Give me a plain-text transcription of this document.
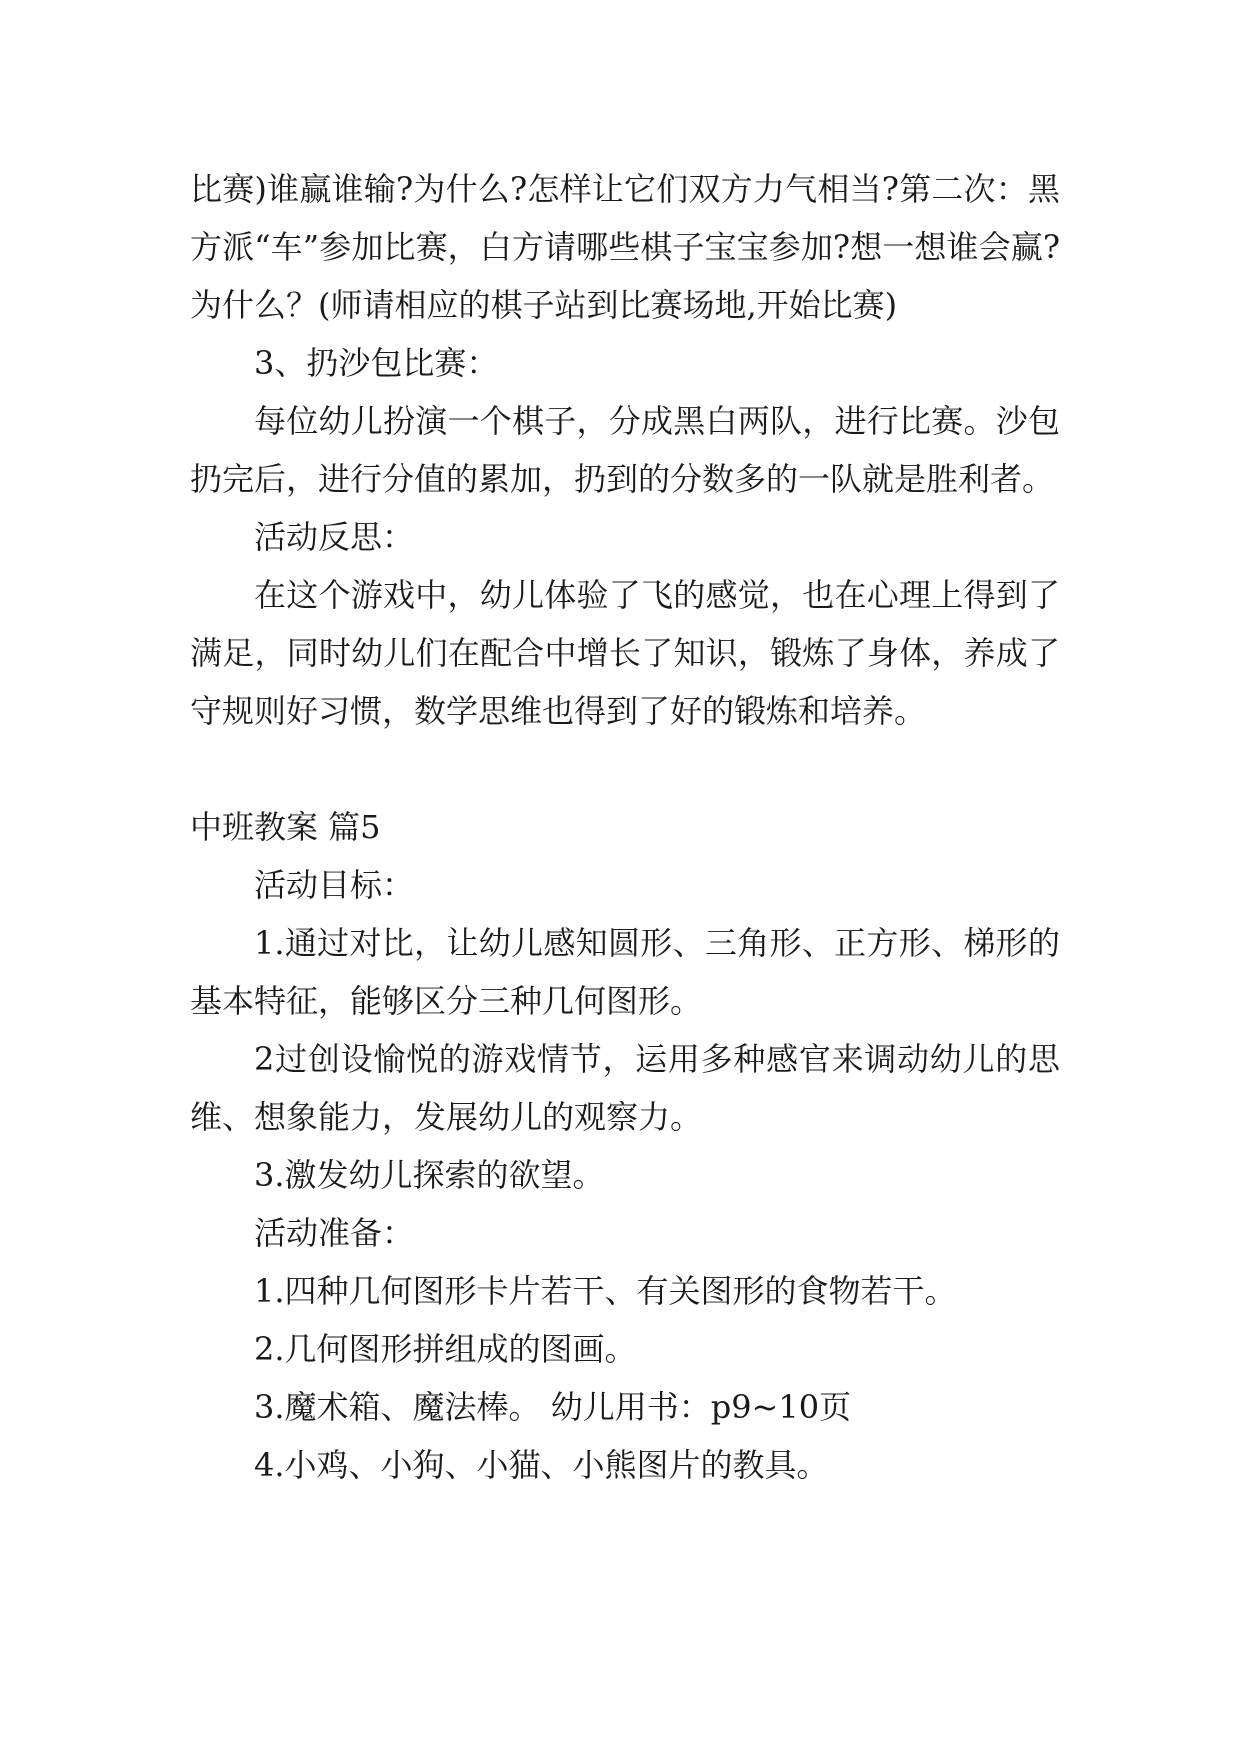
比赛)谁赢谁输?为什么?怎样让它们双方力气相当?第二次：黑方派“车”参加比赛，白方请哪些棋子宝宝参加?想一想谁会赢?为什么？(师请相应的棋子站到比赛场地,开始比赛)

3、扔沙包比赛：

每位幼儿扮演一个棋子，分成黑白两队，进行比赛。沙包扔完后，进行分值的累加，扔到的分数多的一队就是胜利者。

活动反思：

在这个游戏中，幼儿体验了飞的感觉，也在心理上得到了满足，同时幼儿们在配合中增长了知识，锻炼了身体，养成了守规则好习惯，数学思维也得到了好的锻炼和培养。

中班教案 篇5

活动目标：

1.通过对比，让幼儿感知圆形、三角形、正方形、梯形的基本特征，能够区分三种几何图形。

2过创设愉悦的游戏情节，运用多种感官来调动幼儿的思维、想象能力，发展幼儿的观察力。

3.激发幼儿探索的欲望。

活动准备：

1.四种几何图形卡片若干、有关图形的食物若干。

2.几何图形拼组成的图画。

3.魔术箱、魔法棒。 幼儿用书：p9~10页

4.小鸡、小狗、小猫、小熊图片的教具。
